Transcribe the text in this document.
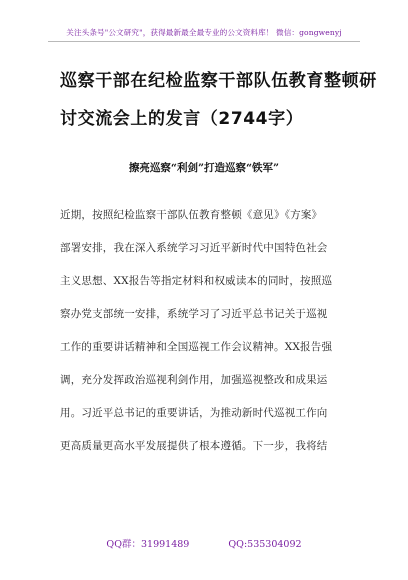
关注头条号"公文研究"，获得最新最全最专业的公文资料库！ 微信：gongwenyj
巡察干部在纪检监察干部队伍教育整顿研
讨交流会上的发言（2744字）
擦亮巡察“利剑”打造巡察“铁军”
近期，按照纪检监察干部队伍教育整顿《意见》《方案》
部署安排，我在深入系统学习习近平新时代中国特色社会
主义思想、XX报告等指定材料和权威读本的同时，按照巡
察办党支部统一安排，系统学习了习近平总书记关于巡视
工作的重要讲话精神和全国巡视工作会议精神。XX报告强
调，充分发挥政治巡视利剑作用，加强巡视整改和成果运
用。习近平总书记的重要讲话，为推动新时代巡视工作向
更高质量更高水平发展提供了根本遵循。下一步，我将结
QQ群：31991489	QQ:535304092
